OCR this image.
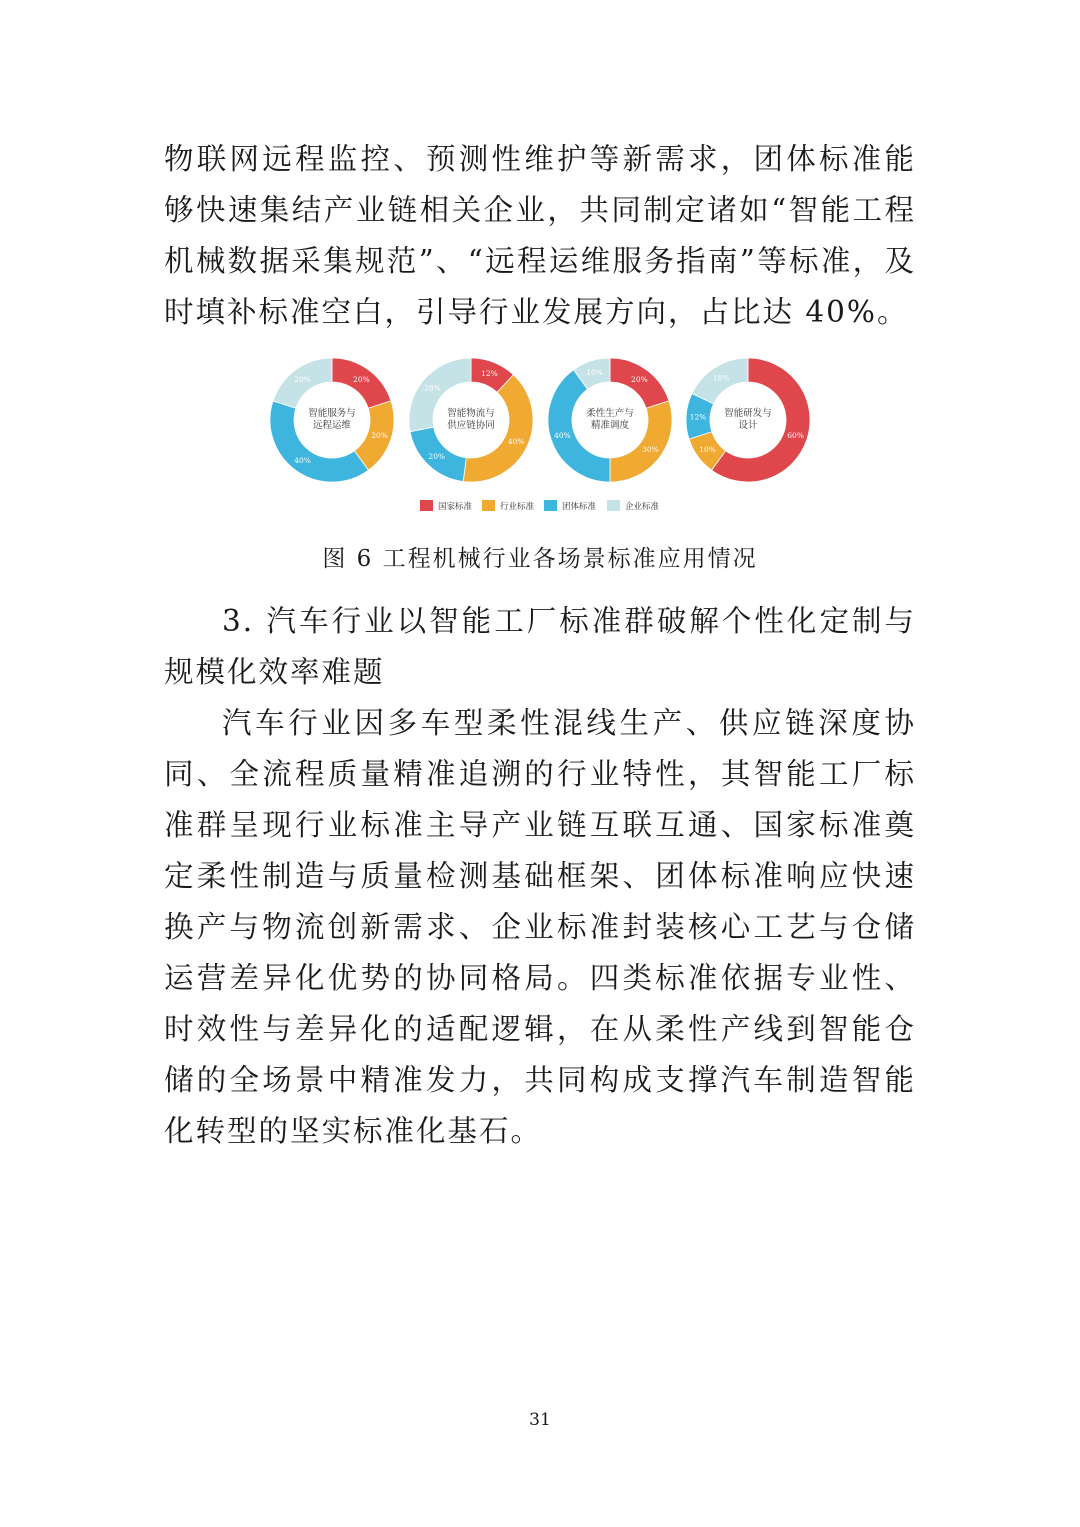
物联网远程监控、预测性维护等新需求，团体标准能够快速集结产业链相关企业，共同制定诸如“智能工程机械数据采集规范”、“远程运维服务指南”等标准，及时填补标准空白，引导行业发展方向，占比达 40%。

20%
20%
40%
20%
智能服务与
远程运维
12%
40%
20%
28%
智能物流与
供应链协同
20%
30%
40%
10%
柔性生产与
精准调度
60%
10%
12%
18%
智能研发与
设计
国家标准	行业标准	团体标准	企业标准
图 6 工程机械行业各场景标准应用情况

3. 汽车行业以智能工厂标准群破解个性化定制与规模化效率难题

汽车行业因多车型柔性混线生产、供应链深度协同、全流程质量精准追溯的行业特性，其智能工厂标准群呈现行业标准主导产业链互联互通、国家标准奠定柔性制造与质量检测基础框架、团体标准响应快速换产与物流创新需求、企业标准封装核心工艺与仓储运营差异化优势的协同格局。四类标准依据专业性、时效性与差异化的适配逻辑，在从柔性产线到智能仓储的全场景中精准发力，共同构成支撑汽车制造智能化转型的坚实标准化基石。

31
